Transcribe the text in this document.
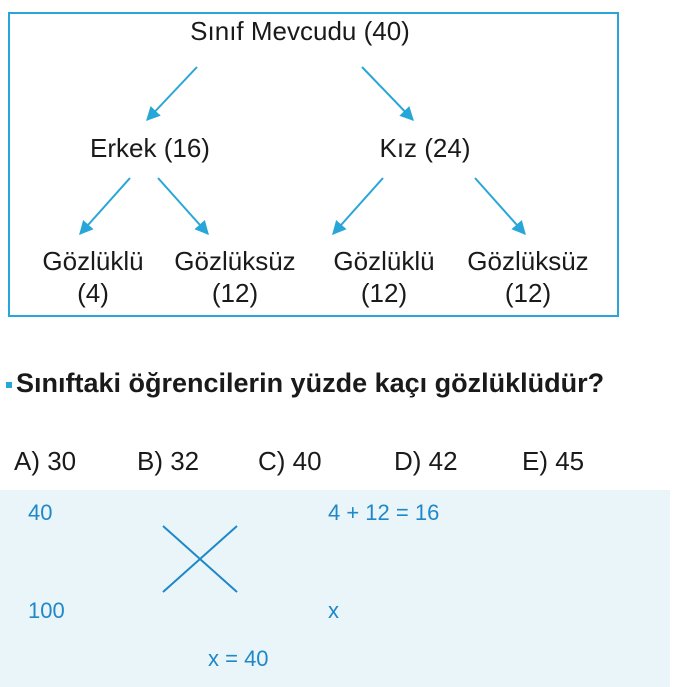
Sınıf Mevcudu (40)
Erkek (16)	Kız (24)
Gözlüklü
(4)
Gözlüksüz
(12)
Gözlüklü
(12)
Gözlüksüz
(12)
Sınıftaki öğrencilerin yüzde kaçı gözlüklüdür?
A) 30 B) 32 C) 40	D) 42 E) 45
40
100
4 + 12 = 16
x
x = 40
